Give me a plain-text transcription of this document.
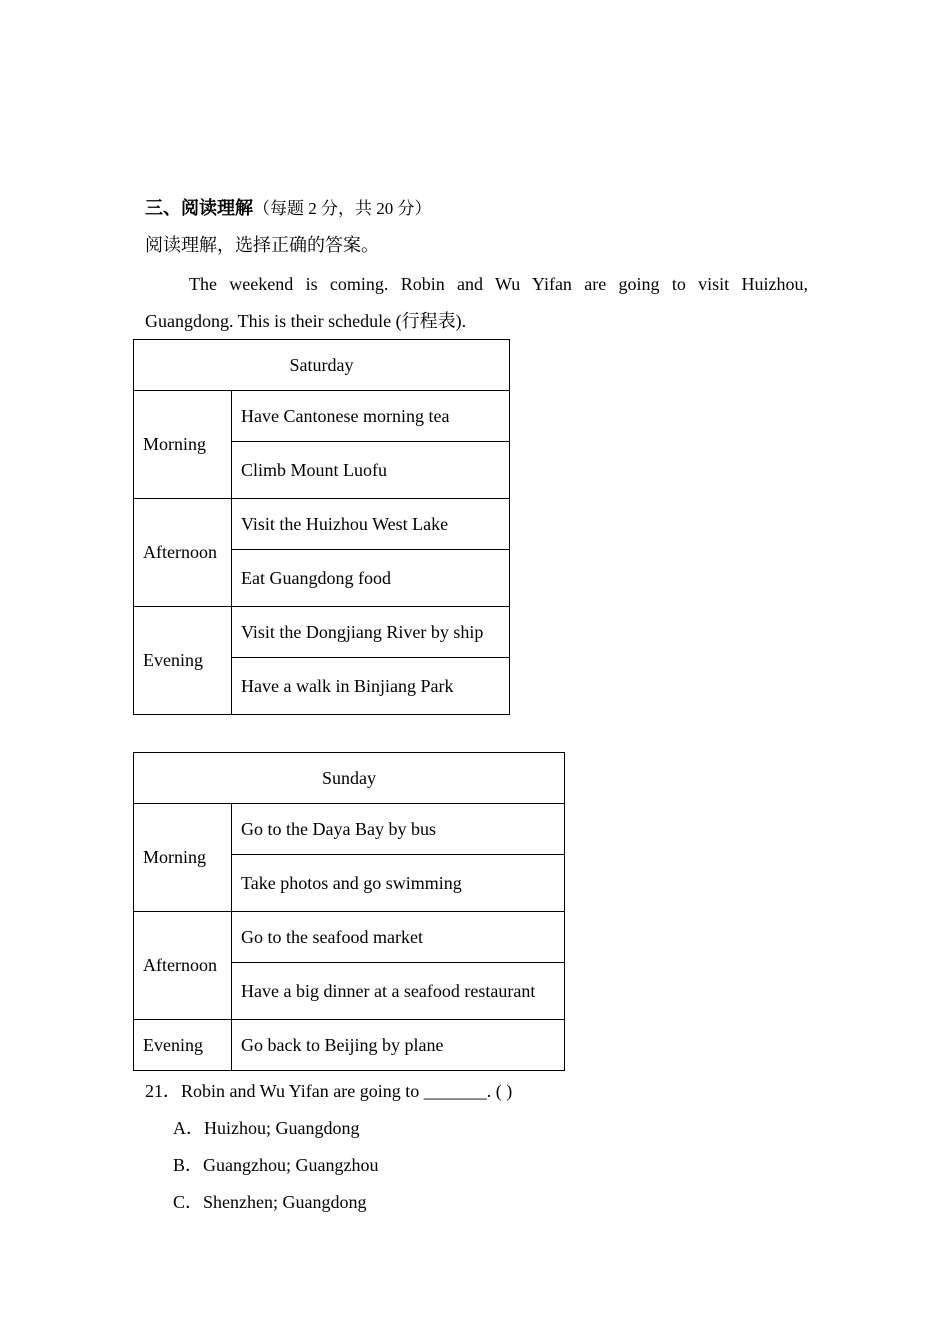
三、阅读理解（每题 2 分，共 20 分）
阅读理解，选择正确的答案。
The weekend is coming. Robin and Wu Yifan are going to visit Huizhou,
Guangdong. This is their schedule (行程表).
Saturday	
Morning	Have Cantonese morning tea
	Climb Mount Luofu
Afternoon	Visit the Huizhou West Lake
	Eat Guangdong food
Evening	Visit the Dongjiang River by ship
	Have a walk in Binjiang Park
Sunday	
Morning	Go to the Daya Bay by bus
	Take photos and go swimming
Afternoon	Go to the seafood market
	Have a big dinner at a seafood restaurant
Evening	Go back to Beijing by plane
21．Robin and Wu Yifan are going to _______. ( )
A．Huizhou; Guangdong
B．Guangzhou; Guangzhou
C．Shenzhen; Guangdong
